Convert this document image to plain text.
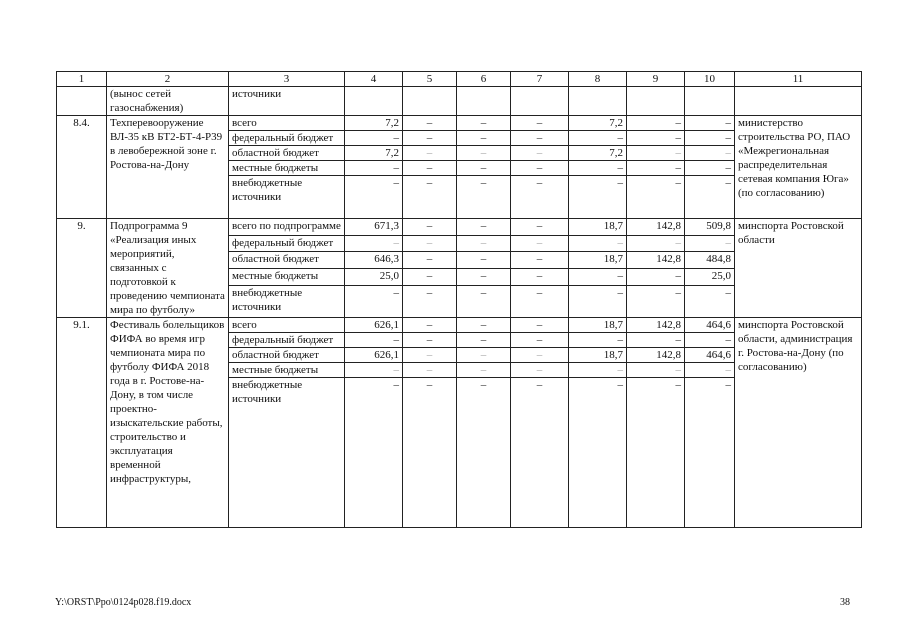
1	2	3	4	5	6	7	8	9	10	11
	(вынос сетей газоснабжения)	источники								
8.4.	Техперевооружение ВЛ-35 кВ БТ2-БТ-4-Р39 в левобережной зоне г. Ростова-на-Дону	всего	7,2	–	–	–	7,2	–	–	министерство строительства РО, ПАО «Межрегиональная распределительная сетевая компания Юга» (по согласованию)
		федеральный бюджет	–	–	–	–	–	–	–	
		областной бюджет	7,2	–	–	–	7,2	–	–	
		местные бюджеты	–	–	–	–	–	–	–	
		внебюджетные источники	–	–	–	–	–	–	–	
9.	Подпрограмма 9 «Реализация иных мероприятий, связанных с подготовкой к проведению чемпионата мира по футболу»	всего по подпрограмме	671,3	–	–	–	18,7	142,8	509,8	минспорта Ростовской области
		федеральный бюджет	–	–	–	–	–	–	–	
		областной бюджет	646,3	–	–	–	18,7	142,8	484,8	
		местные бюджеты	25,0	–	–	–	–	–	25,0	
		внебюджетные источники	–	–	–	–	–	–	–	
9.1.	Фестиваль болельщиков ФИФА во время игр чемпионата мира по футболу ФИФА 2018 года в г. Ростове-на-Дону, в том числе проектно-изыскательские работы, строительство и эксплуатация временной инфраструктуры,	всего	626,1	–	–	–	18,7	142,8	464,6	минспорта Ростовской области, администрация г. Ростова-на-Дону (по согласованию)
		федеральный бюджет	–	–	–	–	–	–	–	
		областной бюджет	626,1	–	–	–	18,7	142,8	464,6	
		местные бюджеты	–	–	–	–	–	–	–	
		внебюджетные источники	–	–	–	–	–	–	–	
Y:\ORST\Ppo\0124p028.f19.docx	38
